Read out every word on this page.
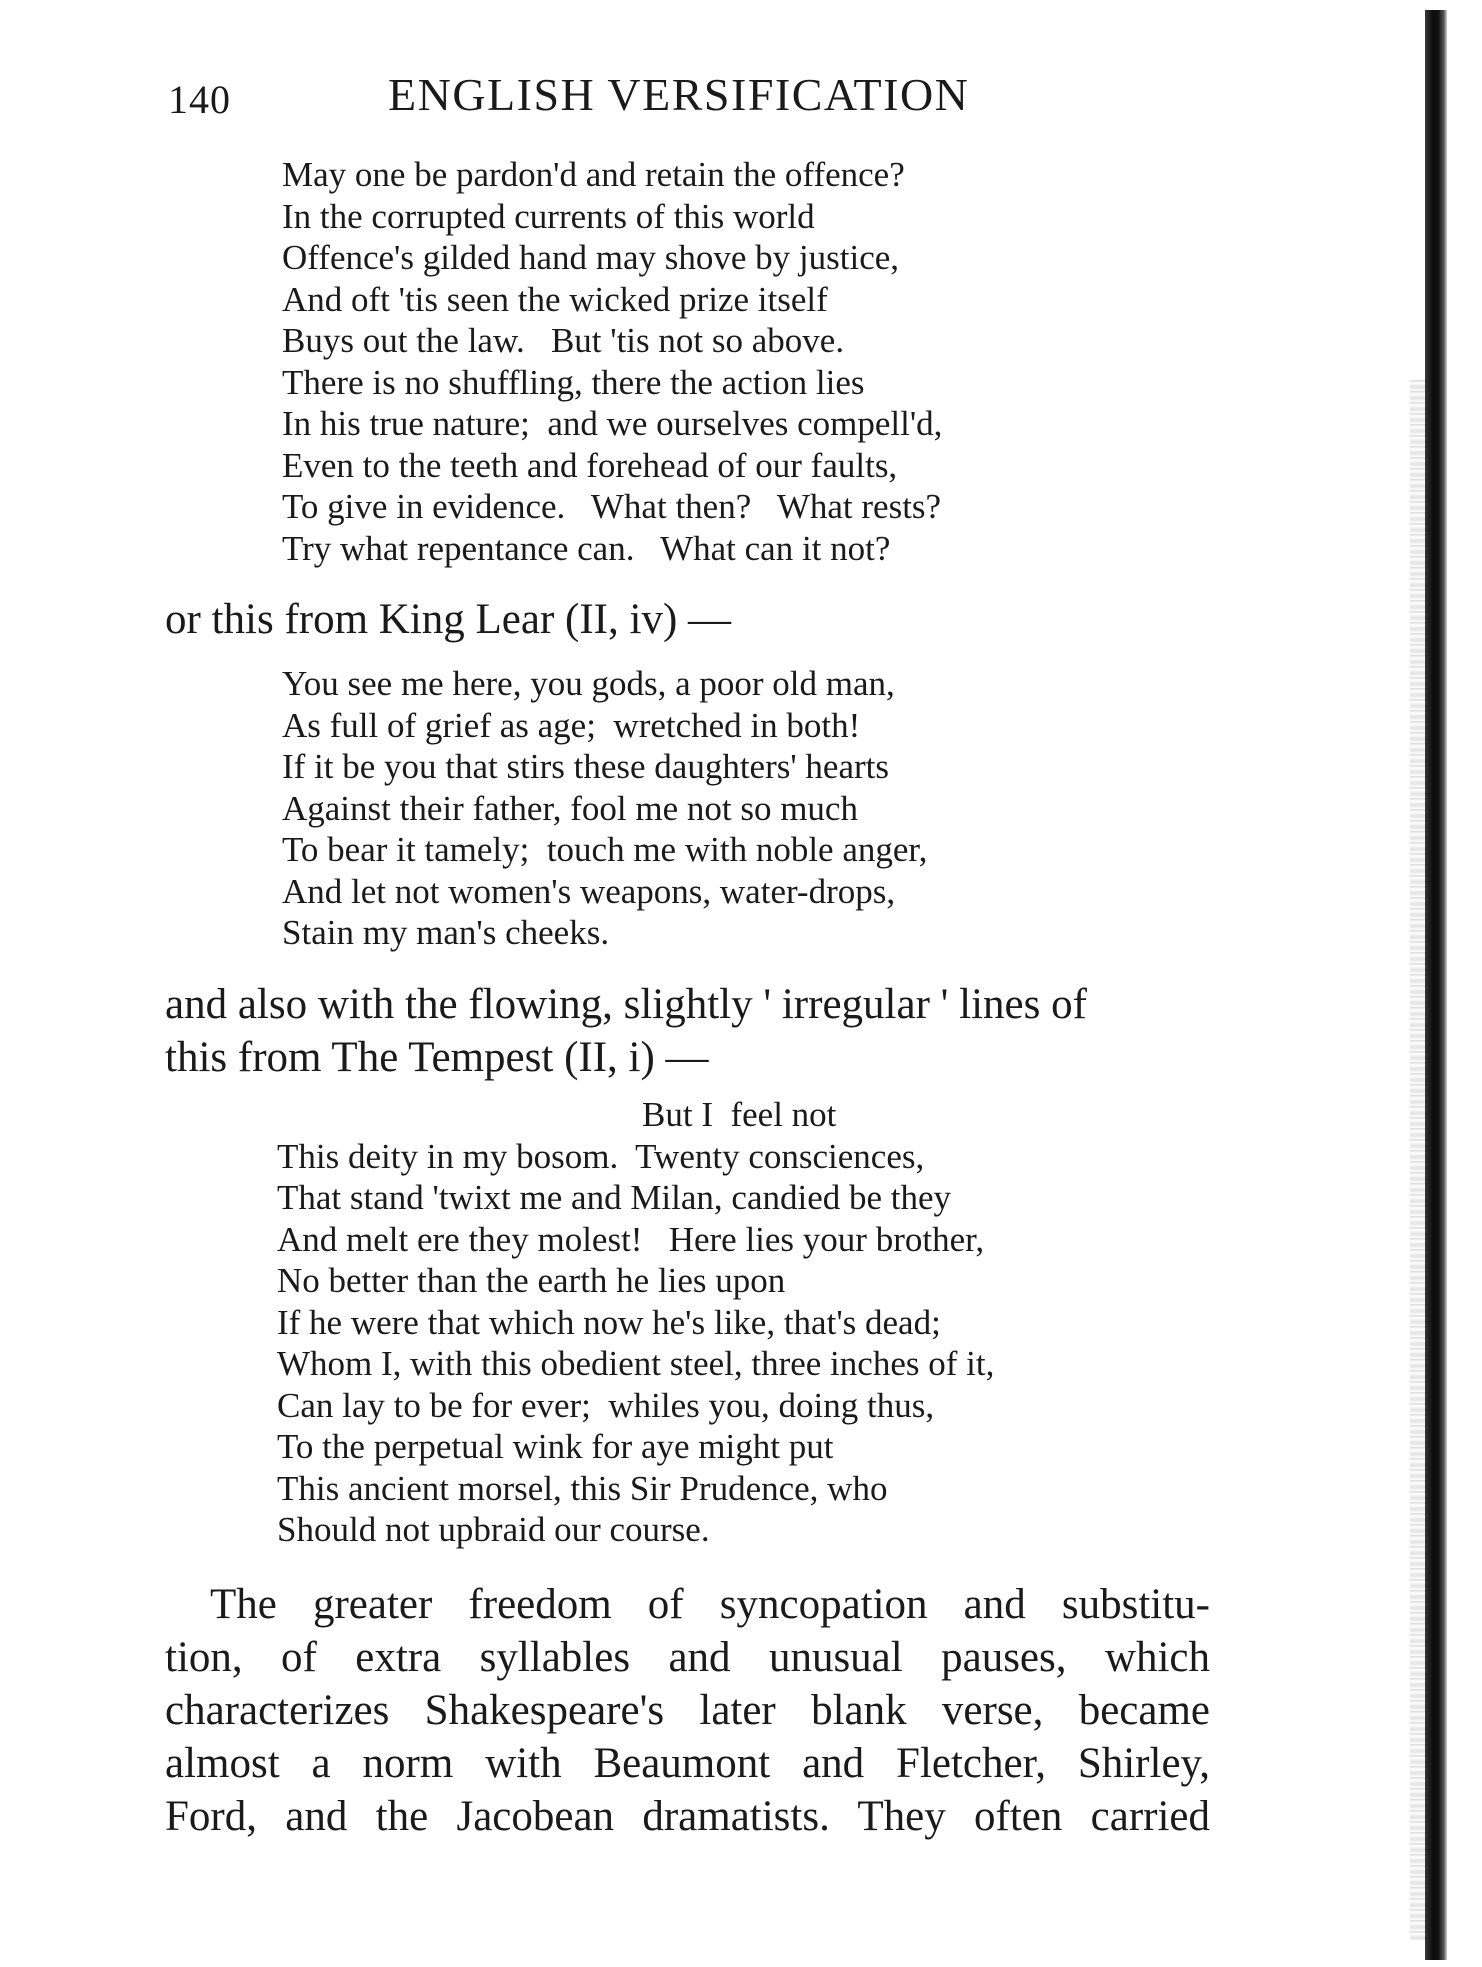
140	ENGLISH VERSIFICATION
May one be pardon'd and retain the offence?
In the corrupted currents of this world
Offence's gilded hand may shove by justice,
And oft 'tis seen the wicked prize itself
Buys out the law.   But 'tis not so above.
There is no shuffling, there the action lies
In his true nature;  and we ourselves compell'd,
Even to the teeth and forehead of our faults,
To give in evidence.   What then?   What rests?
Try what repentance can.   What can it not?
or this from King Lear (II, iv) —
You see me here, you gods, a poor old man,
As full of grief as age;  wretched in both!
If it be you that stirs these daughters' hearts
Against their father, fool me not so much
To bear it tamely;  touch me with noble anger,
And let not women's weapons, water-drops,
Stain my man's cheeks.
and also with the flowing, slightly ' irregular ' lines of
this from The Tempest (II, i) —
But I  feel not
This deity in my bosom.  Twenty consciences,
That stand 'twixt me and Milan, candied be they
And melt ere they molest!   Here lies your brother,
No better than the earth he lies upon
If he were that which now he's like, that's dead;
Whom I, with this obedient steel, three inches of it,
Can lay to be for ever;  whiles you, doing thus,
To the perpetual wink for aye might put
This ancient morsel, this Sir Prudence, who
Should not upbraid our course.
The greater freedom of syncopation and substitu-
tion, of extra syllables and unusual pauses, which
characterizes Shakespeare's later blank verse, became
almost a norm with Beaumont and Fletcher, Shirley,
Ford, and the Jacobean dramatists. They often carried
